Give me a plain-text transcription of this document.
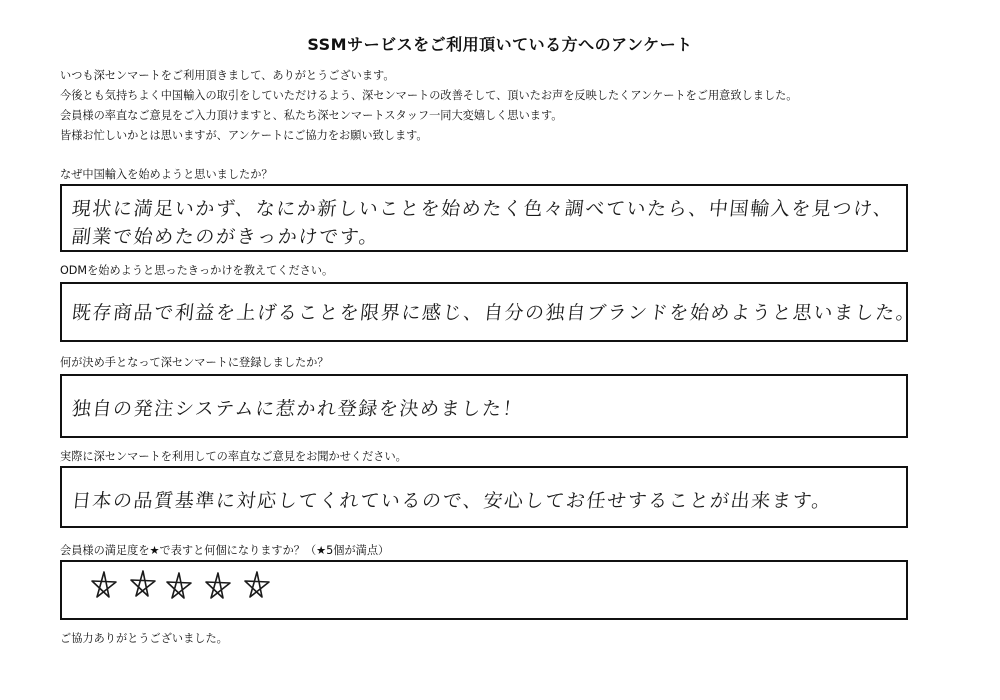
SSMサービスをご利用頂いている方へのアンケート
いつも深センマートをご利用頂きまして、ありがとうございます。
今後とも気持ちよく中国輸入の取引をしていただけるよう、深センマートの改善そして、頂いたお声を反映したくアンケートをご用意致しました。
会員様の率直なご意見をご入力頂けますと、私たち深センマートスタッフ一同大変嬉しく思います。
皆様お忙しいかとは思いますが、アンケートにご協力をお願い致します。
なぜ中国輸入を始めようと思いましたか？
現状に満足いかず、なにか新しいことを始めたく色々調べていたら、中国輸入を見つけ、
副業で始めたのがきっかけです。
ODMを始めようと思ったきっかけを教えてください。
既存商品で利益を上げることを限界に感じ、自分の独自ブランドを始めようと思いました。
何が決め手となって深センマートに登録しましたか？
独自の発注システムに惹かれ登録を決めました！
実際に深センマートを利用しての率直なご意見をお聞かせください。
日本の品質基準に対応してくれているので、安心してお任せすることが出来ます。
会員様の満足度を★で表すと何個になりますか？（★5個が満点）
ご協力ありがとうございました。
